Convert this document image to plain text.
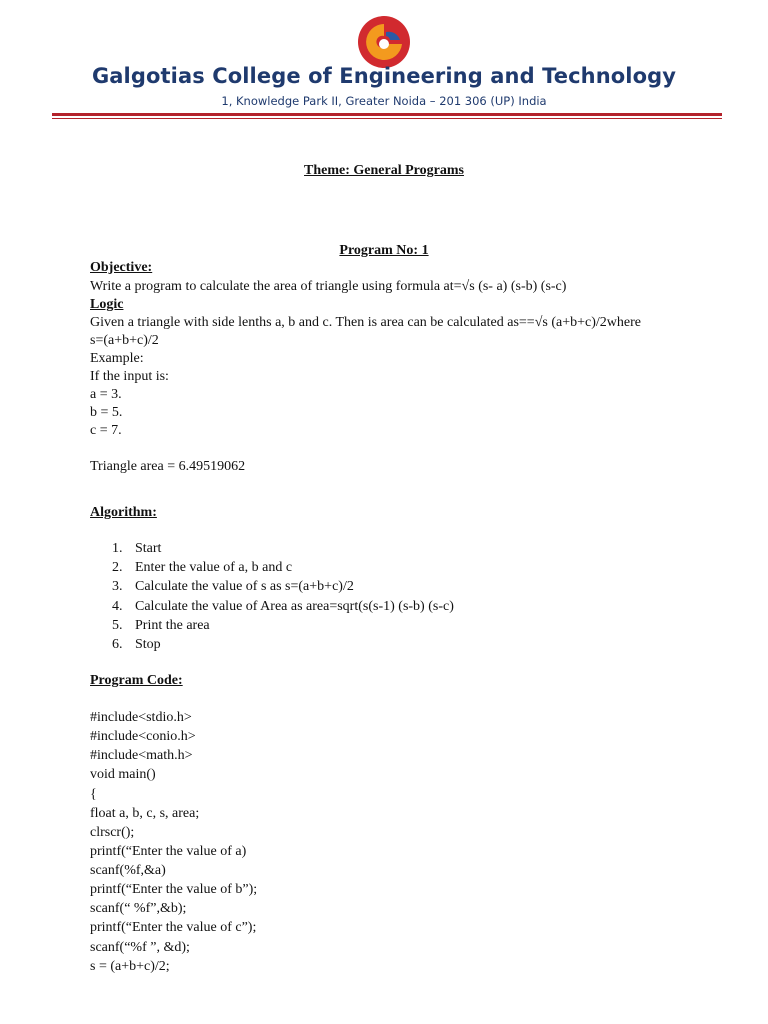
Galgotias College of Engineering and Technology
1, Knowledge Park II, Greater Noida – 201 306 (UP) India
Theme: General Programs
Program No: 1
Objective:
Write a program to calculate the area of triangle using formula at=√s (s- a) (s-b) (s-c)
Logic
Given a triangle with side lenths a, b and c. Then is area can be calculated as==√s (a+b+c)/2where
s=(a+b+c)/2
Example:
If the input is:
a = 3.
b = 5.
c = 7.
Triangle area = 6.49519062
Algorithm:
1. Start
2. Enter the value of a, b and c
3. Calculate the value of s as s=(a+b+c)/2
4. Calculate the value of Area as area=sqrt(s(s-1) (s-b) (s-c)
5. Print the area
6. Stop
Program Code:
#include<stdio.h>
#include<conio.h>
#include<math.h>
void main()
{
float a, b, c, s, area;
clrscr();
printf(“Enter the value of a)
scanf(%f,&a)
printf(“Enter the value of b”);
scanf(“ %f”,&b);
printf(“Enter the value of c”);
scanf(“%f ”, &d);
s = (a+b+c)/2;
